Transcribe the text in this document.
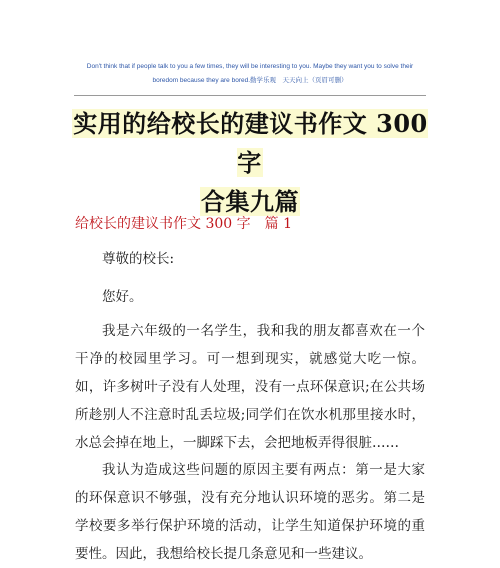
Don't think that if people talk to you a few times, they will be interesting to you. Maybe they want you to solve their boredom because they are bored.勤学乐观　天天向上（页眉可删）
实用的给校长的建议书作文 300 字
合集九篇
给校长的建议书作文 300 字　篇 1
尊敬的校长:
您好。
我是六年级的一名学生，我和我的朋友都喜欢在一个干净的校园里学习。可一想到现实，就感觉大吃一惊。如，许多树叶子没有人处理，没有一点环保意识;在公共场所趁别人不注意时乱丢垃圾;同学们在饮水机那里接水时，水总会掉在地上，一脚踩下去，会把地板弄得很脏……
我认为造成这些问题的原因主要有两点：第一是大家的环保意识不够强，没有充分地认识环境的恶劣。第二是学校要多举行保护环境的活动，让学生知道保护环境的重要性。因此，我想给校长提几条意见和一些建议。
